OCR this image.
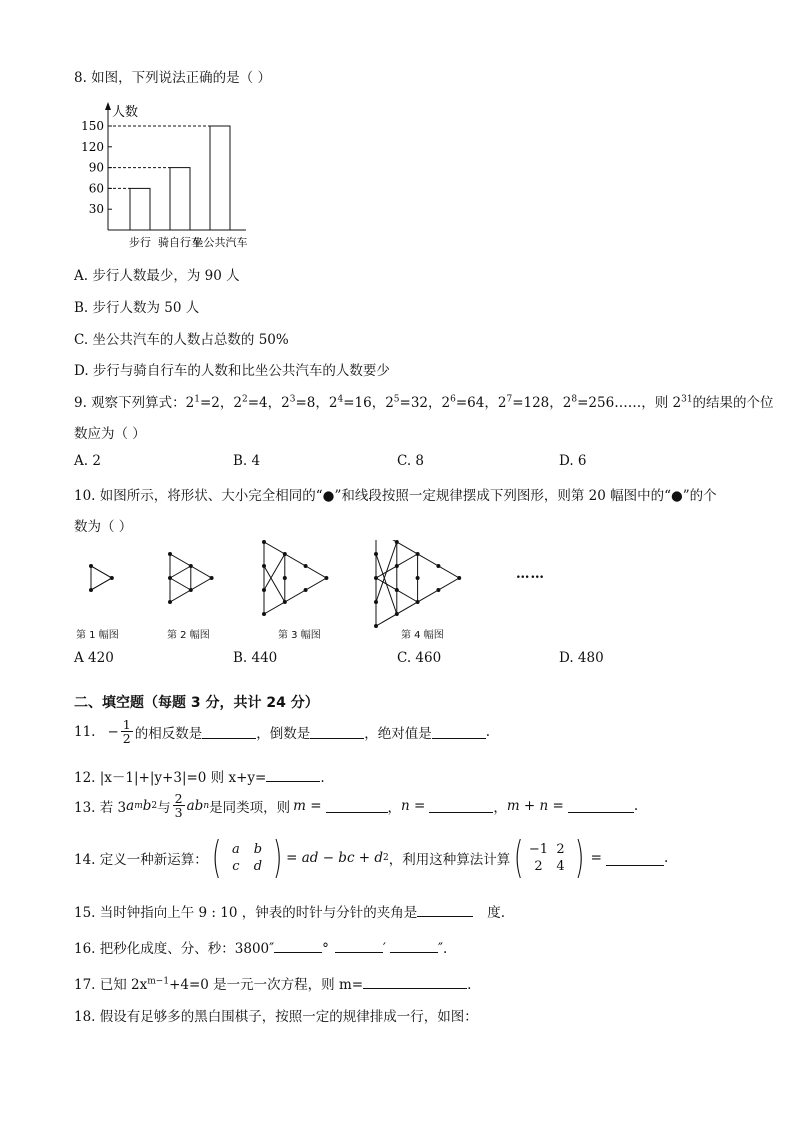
8. 如图，下列说法正确的是（ ）
人数
30
60
90
120
150
步行 骑自行车
坐公共汽车
A. 步行人数最少，为 90 人
B. 步行人数为 50 人
C. 坐公共汽车的人数占总数的 50%
D. 步行与骑自行车的人数和比坐公共汽车的人数要少
9. 观察下列算式：$2^1=2$，$2^2=4$，$2^3=8$，$2^4=16$，$2^5=32$，$2^6=64$，$2^7=128$，$2^8=256\dots\dots$，则 $2^{31}$的结果的个位
数应为（ ）
A. 2	B. 4	C. 8	D. 6
10. 如图所示，将形状、大小完全相同的“●”和线段按照一定规律摆成下列图形，则第 20 幅图中的“●”的个
数为（ ）
……
第 1 幅图	第 2 幅图	第 3 幅图	第 4 幅图
A 420	B. 440	C. 460	D. 480
二、填空题（每题 3 分，共计 24 分）
11. − $\frac{1}{2}$ 的相反数是	，倒数是	，绝对值是	.
12. |x－1|+|y+3|=0 则 x+y=	.
13. 若 3 a m b 2 与 $\frac{2}{3}$ ab n 是同类项，则 m =	， n =	， m + n =	.
14. 定义一种新运算： ( a	b
c	d ) = ad − bc + d 2 ，利用这种算法计算 ( −1 2
2	4 ) =	.
15. 当时钟指向上午 9 : 10 ，钟表的时针与分针的夹角是	度.
16. 把秒化成度、分、秒：3800″	°	′	″.
17. 已知 $2x^{m-1}+4=0$ 是一元一次方程，则 m=	.
18. 假设有足够多的黑白围棋子，按照一定的规律排成一行，如图：
